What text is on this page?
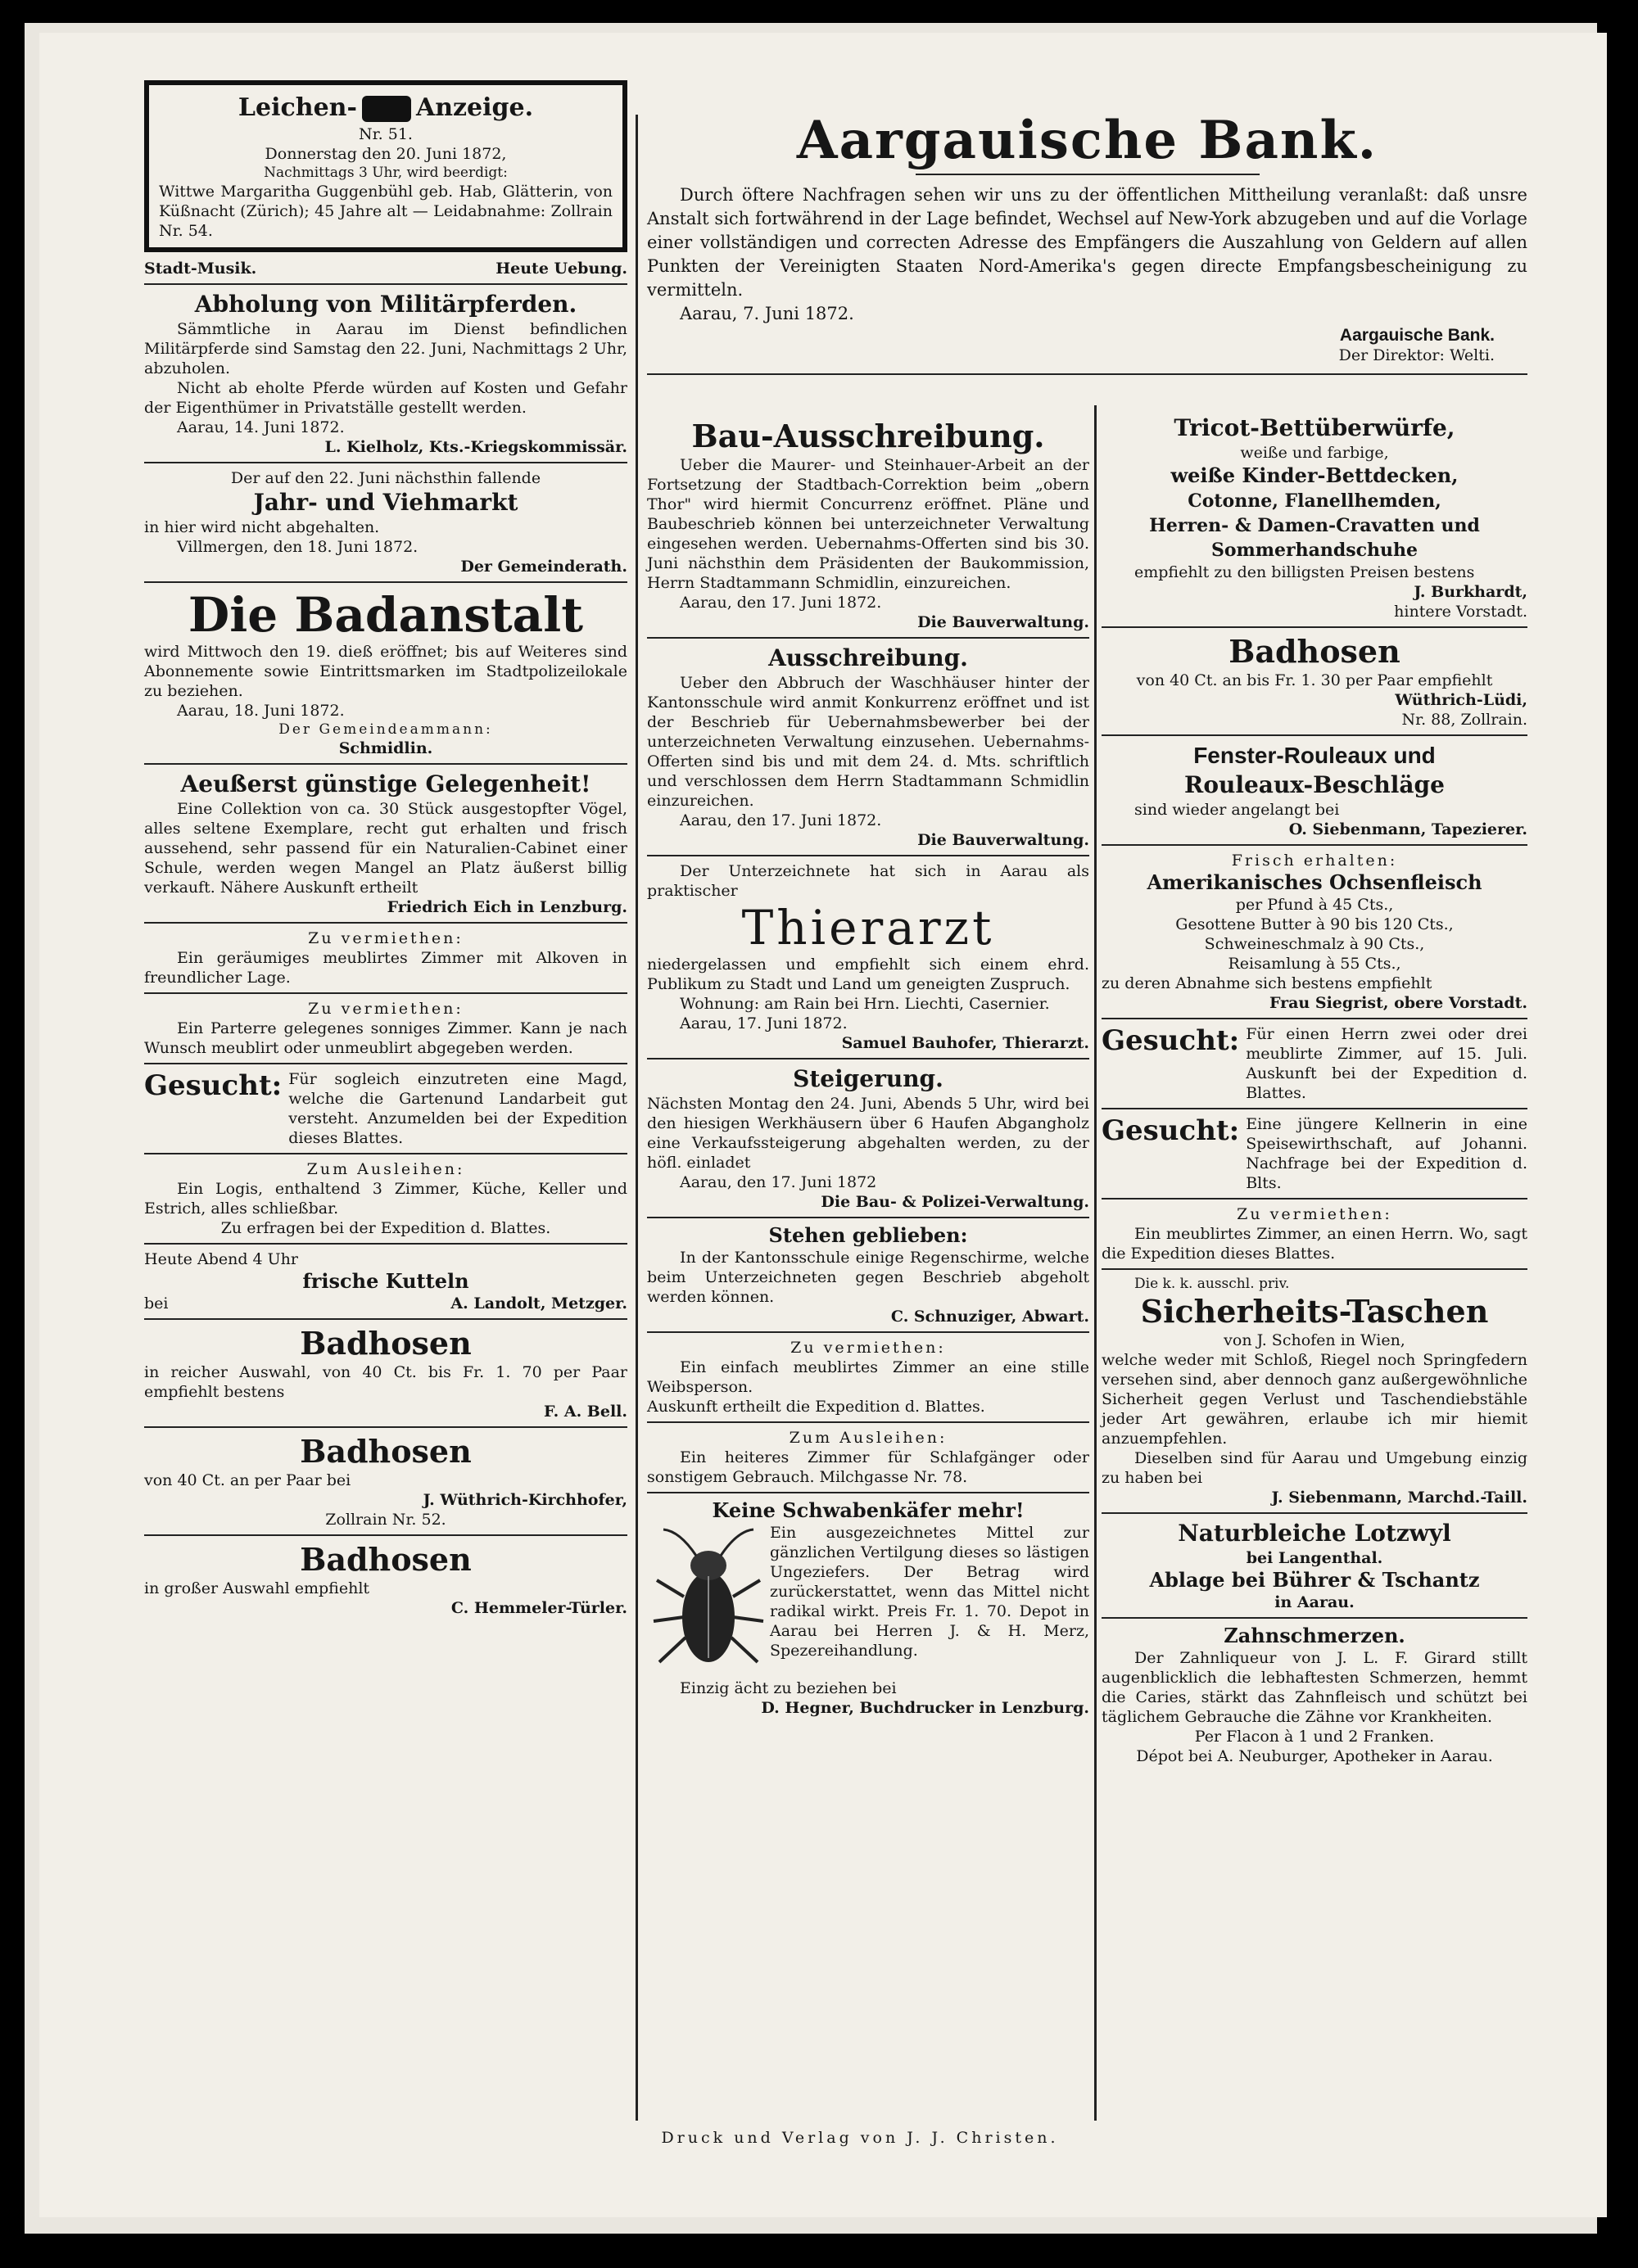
Leichen- Anzeige.
Nr. 51.
Donnerstag den 20. Juni 1872,
Nachmittags 3 Uhr, wird beerdigt:
Wittwe Margaritha Guggenbühl geb. Hab, Glätterin, von Küßnacht (Zürich); 45 Jahre alt — Leidabnahme: Zollrain Nr. 54.
Stadt-Musik.	Heute Uebung.
Abholung von Militärpferden.
Sämmtliche in Aarau im Dienst befindlichen Militärpferde sind Samstag den 22. Juni, Nachmittags 2 Uhr, abzuholen.
Nicht ab eholte Pferde würden auf Kosten und Gefahr der Eigenthümer in Privatställe gestellt werden.
Aarau, 14. Juni 1872.
L. Kielholz, Kts.-Kriegskommissär.
Der auf den 22. Juni nächsthin fallende
Jahr- und Viehmarkt
in hier wird nicht abgehalten.
Villmergen, den 18. Juni 1872.
Der Gemeinderath.
Die Badanstalt
wird Mittwoch den 19. dieß eröffnet; bis auf Weiteres sind Abonnemente sowie Eintrittsmarken im Stadtpolizeilokale zu beziehen.
Aarau, 18. Juni 1872.
Der Gemeindeammann:
Schmidlin.
Aeußerst günstige Gelegenheit!
Eine Collektion von ca. 30 Stück ausgestopfter Vögel, alles seltene Exemplare, recht gut erhalten und frisch aussehend, sehr passend für ein Naturalien-Cabinet einer Schule, werden wegen Mangel an Platz äußerst billig verkauft. Nähere Auskunft ertheilt
Friedrich Eich in Lenzburg.
Zu vermiethen:
Ein geräumiges meublirtes Zimmer mit Alkoven in freundlicher Lage.
Zu vermiethen:
Ein Parterre gelegenes sonniges Zimmer. Kann je nach Wunsch meublirt oder unmeublirt abgegeben werden.
Gesucht: Für sogleich einzutreten eine Magd, welche die Gartenund Landarbeit gut versteht. Anzumelden bei der Expedition dieses Blattes.
Zum Ausleihen:
Ein Logis, enthaltend 3 Zimmer, Küche, Keller und Estrich, alles schließbar.
Zu erfragen bei der Expedition d. Blattes.
Heute Abend 4 Uhr
frische Kutteln
bei	A. Landolt, Metzger.
Badhosen
in reicher Auswahl, von 40 Ct. bis Fr. 1. 70 per Paar empfiehlt bestens
F. A. Bell.
Badhosen
von 40 Ct. an per Paar bei
J. Wüthrich-Kirchhofer,
Zollrain Nr. 52.
Badhosen
in großer Auswahl empfiehlt
C. Hemmeler-Türler.
Aargauische Bank.
Durch öftere Nachfragen sehen wir uns zu der öffentlichen Mittheilung veranlaßt: daß unsre Anstalt sich fortwährend in der Lage befindet, Wechsel auf New-York abzugeben und auf die Vorlage einer vollständigen und correcten Adresse des Empfängers die Auszahlung von Geldern auf allen Punkten der Vereinigten Staaten Nord-Amerika's gegen directe Empfangsbescheinigung zu vermitteln.
Aarau, 7. Juni 1872.
Aargauische Bank.
Der Direktor: Welti.
Bau-Ausschreibung.
Ueber die Maurer- und Steinhauer-Arbeit an der Fortsetzung der Stadtbach-Correktion beim „obern Thor" wird hiermit Concurrenz eröffnet. Pläne und Baubeschrieb können bei unterzeichneter Verwaltung eingesehen werden. Uebernahms-Offerten sind bis 30. Juni nächsthin dem Präsidenten der Baukommission, Herrn Stadtammann Schmidlin, einzureichen.
Aarau, den 17. Juni 1872.
Die Bauverwaltung.
Ausschreibung.
Ueber den Abbruch der Waschhäuser hinter der Kantonsschule wird anmit Konkurrenz eröffnet und ist der Beschrieb für Uebernahmsbewerber bei der unterzeichneten Verwaltung einzusehen. Uebernahms-Offerten sind bis und mit dem 24. d. Mts. schriftlich und verschlossen dem Herrn Stadtammann Schmidlin einzureichen.
Aarau, den 17. Juni 1872.
Die Bauverwaltung.
Der Unterzeichnete hat sich in Aarau als praktischer
Thierarzt
niedergelassen und empfiehlt sich einem ehrd. Publikum zu Stadt und Land um geneigten Zuspruch.
Wohnung: am Rain bei Hrn. Liechti, Casernier.
Aarau, 17. Juni 1872.
Samuel Bauhofer, Thierarzt.
Steigerung.
Nächsten Montag den 24. Juni, Abends 5 Uhr, wird bei den hiesigen Werkhäusern über 6 Haufen Abgangholz eine Verkaufssteigerung abgehalten werden, zu der höfl. einladet
Aarau, den 17. Juni 1872
Die Bau- & Polizei-Verwaltung.
Stehen geblieben:
In der Kantonsschule einige Regenschirme, welche beim Unterzeichneten gegen Beschrieb abgeholt werden können.
C. Schnuziger, Abwart.
Zu vermiethen:
Ein einfach meublirtes Zimmer an eine stille Weibsperson.
Auskunft ertheilt die Expedition d. Blattes.
Zum Ausleihen:
Ein heiteres Zimmer für Schlafgänger oder sonstigem Gebrauch. Milchgasse Nr. 78.
Keine Schwabenkäfer mehr!
Ein ausgezeichnetes Mittel zur gänzlichen Vertilgung dieses so lästigen Ungeziefers. Der Betrag wird zurückerstattet, wenn das Mittel nicht radikal wirkt. Preis Fr. 1. 70. Depot in Aarau bei Herren J. & H. Merz, Spezereihandlung.
Einzig ächt zu beziehen bei
D. Hegner, Buchdrucker in Lenzburg.
Tricot-Bettüberwürfe,
weiße und farbige,
weiße Kinder-Bettdecken,
Cotonne, Flanellhemden,
Herren- & Damen-Cravatten und
Sommerhandschuhe
empfiehlt zu den billigsten Preisen bestens
J. Burkhardt,
hintere Vorstadt.
Badhosen
von 40 Ct. an bis Fr. 1. 30 per Paar empfiehlt
Wüthrich-Lüdi,
Nr. 88, Zollrain.
Fenster-Rouleaux und
Rouleaux-Beschläge
sind wieder angelangt bei
O. Siebenmann, Tapezierer.
Frisch erhalten:
Amerikanisches Ochsenfleisch
per Pfund à 45 Cts.,
Gesottene Butter à 90 bis 120 Cts.,
Schweineschmalz à 90 Cts.,
Reisamlung à 55 Cts.,
zu deren Abnahme sich bestens empfiehlt
Frau Siegrist, obere Vorstadt.
Gesucht: Für einen Herrn zwei oder drei meublirte Zimmer, auf 15. Juli. Auskunft bei der Expedition d. Blattes.
Gesucht: Eine jüngere Kellnerin in eine Speisewirthschaft, auf Johanni. Nachfrage bei der Expedition d. Blts.
Zu vermiethen:
Ein meublirtes Zimmer, an einen Herrn. Wo, sagt die Expedition dieses Blattes.
Die k. k. ausschl. priv.
Sicherheits-Taschen
von J. Schofen in Wien,
welche weder mit Schloß, Riegel noch Springfedern versehen sind, aber dennoch ganz außergewöhnliche Sicherheit gegen Verlust und Taschendiebstähle jeder Art gewähren, erlaube ich mir hiemit anzuempfehlen.
Dieselben sind für Aarau und Umgebung einzig zu haben bei
J. Siebenmann, Marchd.-Taill.
Naturbleiche Lotzwyl
bei Langenthal.
Ablage bei Bührer & Tschantz
in Aarau.
Zahnschmerzen.
Der Zahnliqueur von J. L. F. Girard stillt augenblicklich die lebhaftesten Schmerzen, hemmt die Caries, stärkt das Zahnfleisch und schützt bei täglichem Gebrauche die Zähne vor Krankheiten.
Per Flacon à 1 und 2 Franken.
Dépot bei A. Neuburger, Apotheker in Aarau.
Druck und Verlag von J. J. Christen.
